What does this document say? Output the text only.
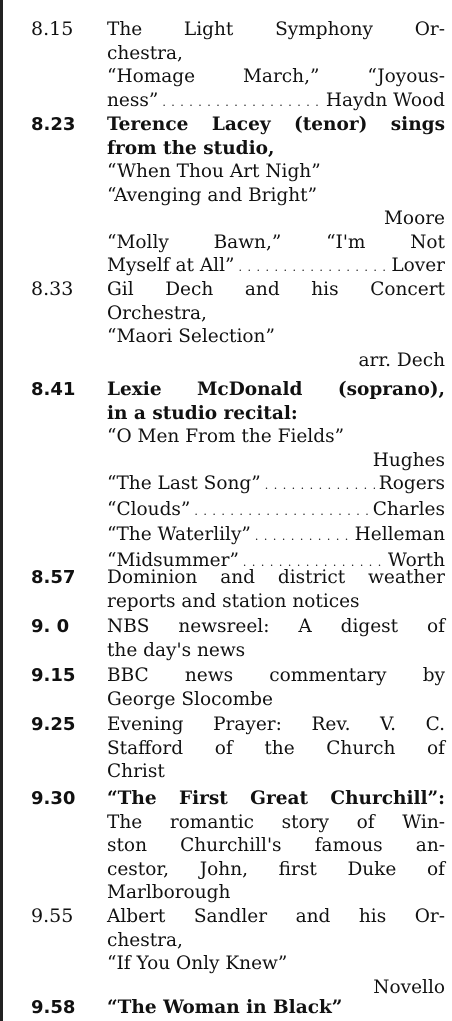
8.15	The Light Symphony Or-
chestra,
“Homage March,” “Joyous-
ness” . . .	Haydn Wood
8.23	Terence Lacey (tenor) sings
from the studio,
“When Thou Art Nigh”
“Avenging and Bright”
Moore
“Molly Bawn,” “I'm Not
Myself at All” . . .	Lover
8.33	Gil Dech and his Concert
Orchestra,
“Maori Selection”
arr. Dech
8.41	Lexie McDonald (soprano),
in a studio recital:
“O Men From the Fields”
Hughes
“The Last Song” . . .	Rogers
“Clouds” . . .	Charles
“The Waterlily” . . .	Helleman
“Midsummer” . . .	Worth
8.57	Dominion and district weather
reports and station notices
9. 0	NBS newsreel: A digest of
the day's news
9.15	BBC news commentary by
George Slocombe
9.25	Evening Prayer: Rev. V. C.
Stafford of the Church of
Christ
9.30	“The First Great Churchill”:
The romantic story of Win-
ston Churchill's famous an-
cestor, John, first Duke of
Marlborough
9.55	Albert Sandler and his Or-
chestra,
“If You Only Knew”
Novello
9.58	“The Woman in Black”
